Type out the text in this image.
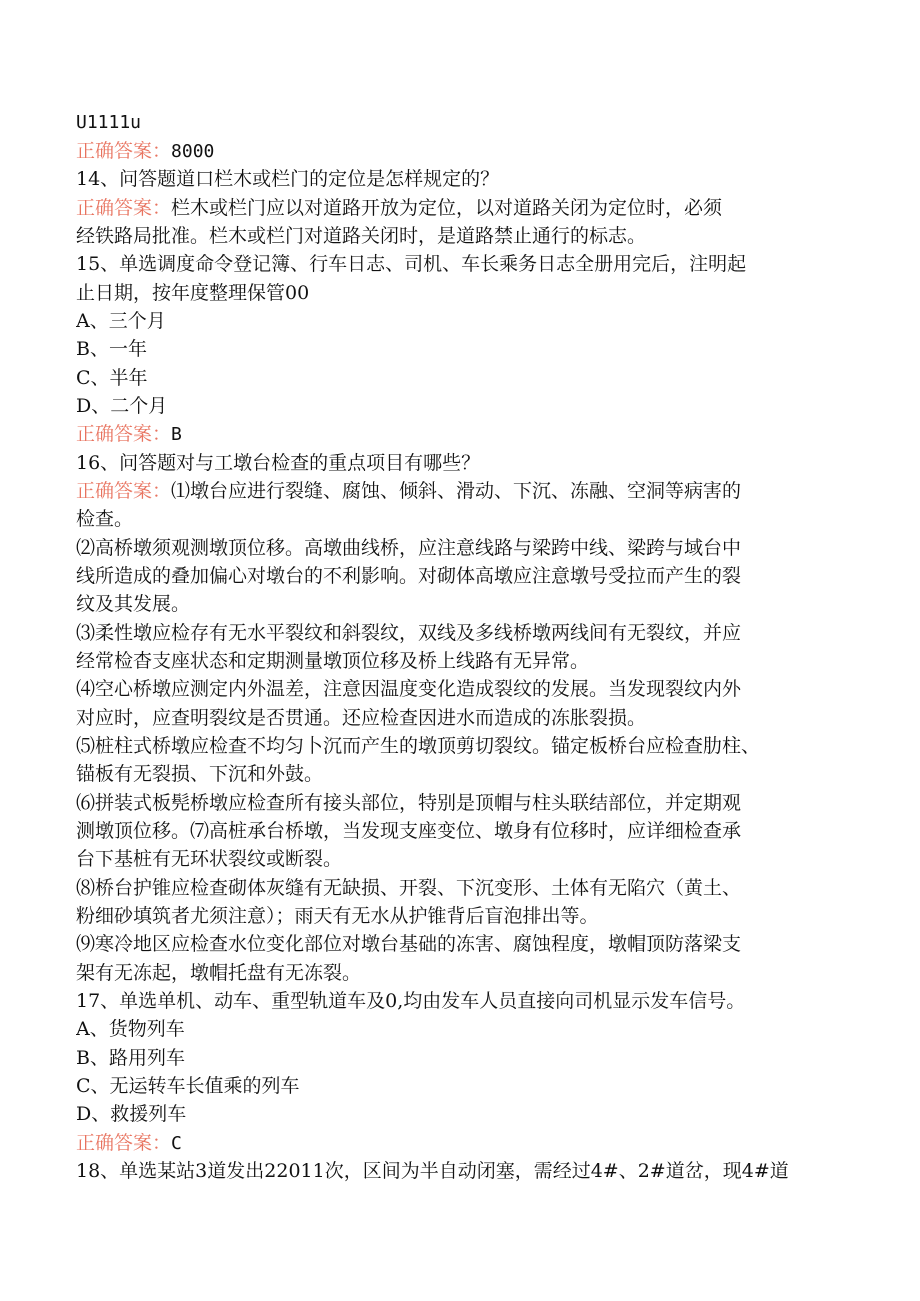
U1111u
正确答案：8000
14、问答题道口栏木或栏门的定位是怎样规定的？
正确答案：栏木或栏门应以对道路开放为定位，以对道路关闭为定位时，必须
经铁路局批准。栏木或栏门对道路关闭时，是道路禁止通行的标志。
15、单选调度命令登记簿、行车日志、司机、车长乘务日志全册用完后，注明起
止日期，按年度整理保管00
A、三个月
B、一年
C、半年
D、二个月
正确答案：B
16、问答题对与工墩台检查的重点项目有哪些？
正确答案：⑴墩台应进行裂缝、腐蚀、倾斜、滑动、下沉、冻融、空洞等病害的
检查。
⑵高桥墩须观测墩顶位移。高墩曲线桥，应注意线路与梁跨中线、梁跨与域台中
线所造成的叠加偏心对墩台的不利影响。对砌体高墩应注意墩号受拉而产生的裂
纹及其发展。
⑶柔性墩应检存有无水平裂纹和斜裂纹，双线及多线桥墩两线间有无裂纹，并应
经常检杳支座状态和定期测量墩顶位移及桥上线路有无异常。
⑷空心桥墩应测定内外温差，注意因温度变化造成裂纹的发展。当发现裂纹内外
对应时，应查明裂纹是否贯通。还应检查因进水而造成的冻胀裂损。
⑸桩柱式桥墩应检查不均匀卜沉而产生的墩顶剪切裂纹。锚定板桥台应检查肋柱、
锚板有无裂损、下沉和外鼓。
⑹拼装式板髡桥墩应检查所有接头部位，特别是顶帽与柱头联结部位，并定期观
测墩顶位移。⑺高桩承台桥墩，当发现支座变位、墩身有位移时，应详细检查承
台下基桩有无环状裂纹或断裂。
⑻桥台护锥应检查砌体灰缝有无缺损、开裂、下沉变形、土体有无陷穴（黄土、
粉细砂填筑者尤须注意）；雨天有无水从护锥背后盲泡排出等。
⑼寒冷地区应检查水位变化部位对墩台基础的冻害、腐蚀程度，墩帽顶防落梁支
架有无冻起，墩帽托盘有无冻裂。
17、单选单机、动车、重型轨道车及0,均由发车人员直接向司机显示发车信号。
A、货物列车
B、路用列车
C、无运转车长值乘的列车
D、救援列车
正确答案：C
18、单选某站3道发出22011次，区间为半自动闭塞，需经过4#、2#道岔，现4#道
